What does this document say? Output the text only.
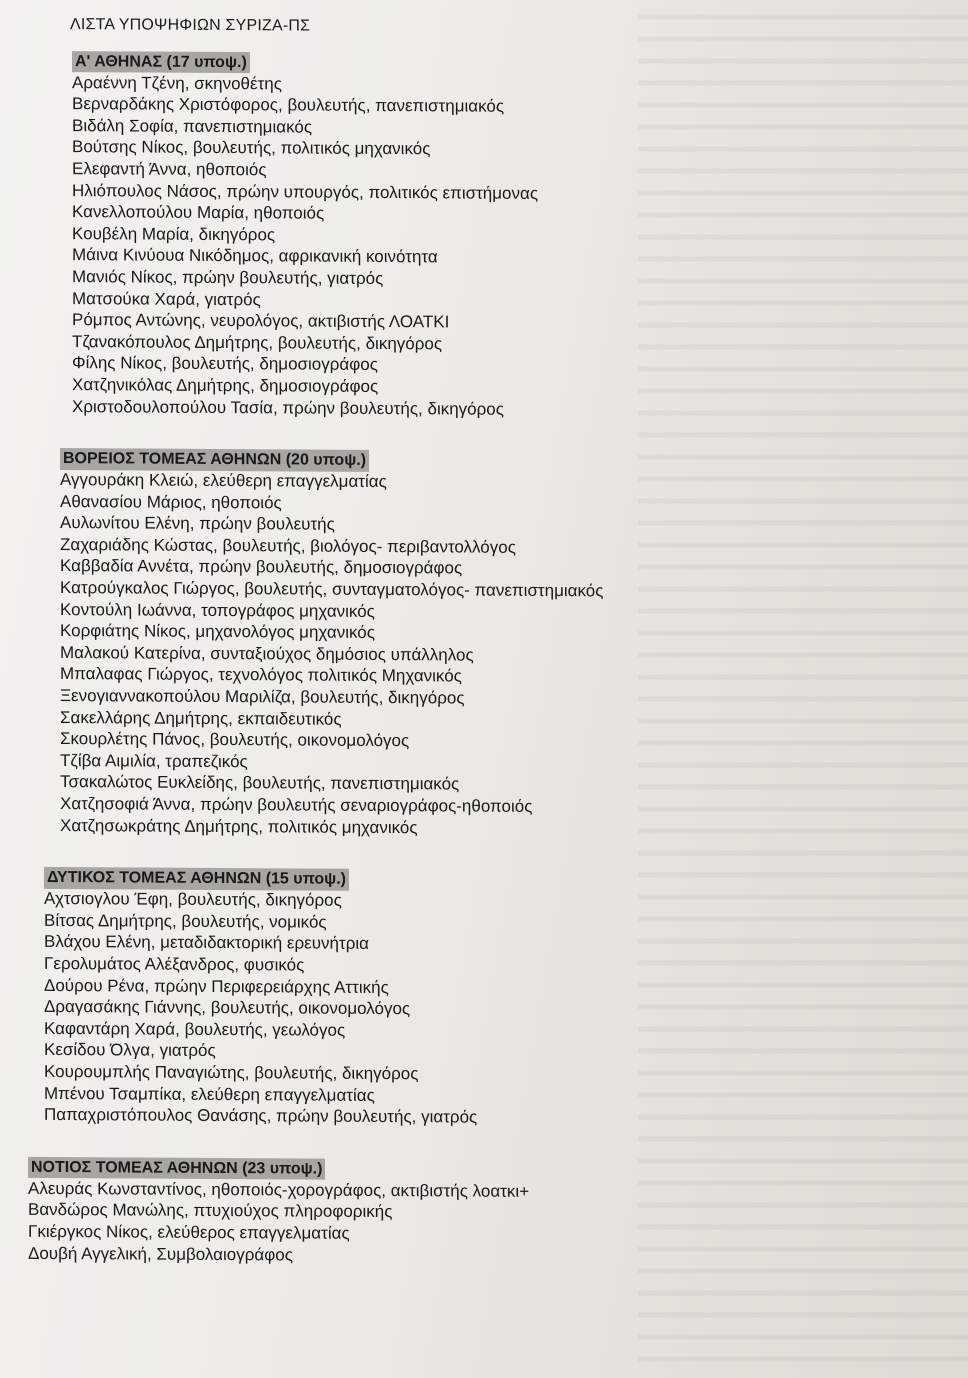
ΛΙΣΤΑ ΥΠΟΨΗΦΙΩΝ ΣΥΡΙΖΑ-ΠΣ
Α' ΑΘΗΝΑΣ (17 υποψ.)
Αραέννη Τζένη, σκηνοθέτης
Βερναρδάκης Χριστόφορος, βουλευτής, πανεπιστημιακός
Βιδάλη Σοφία, πανεπιστημιακός
Βούτσης Νίκος, βουλευτής, πολιτικός μηχανικός
Ελεφαντή Άννα, ηθοποιός
Ηλιόπουλος Νάσος, πρώην υπουργός, πολιτικός επιστήμονας
Κανελλοπούλου Μαρία, ηθοποιός
Κουβέλη Μαρία, δικηγόρος
Μάινα Κινύουα Νικόδημος, αφρικανική κοινότητα
Μανιός Νίκος, πρώην βουλευτής, γιατρός
Ματσούκα Χαρά, γιατρός
Ρόμπος Αντώνης, νευρολόγος, ακτιβιστής ΛΟΑΤΚΙ
Τζανακόπουλος Δημήτρης, βουλευτής, δικηγόρος
Φίλης Νίκος, βουλευτής, δημοσιογράφος
Χατζηνικόλας Δημήτρης, δημοσιογράφος
Χριστοδουλοπούλου Τασία, πρώην βουλευτής, δικηγόρος
ΒΟΡΕΙΟΣ ΤΟΜΕΑΣ ΑΘΗΝΩΝ (20 υποψ.)
Αγγουράκη Κλειώ, ελεύθερη επαγγελματίας
Αθανασίου Μάριος, ηθοποιός
Αυλωνίτου Ελένη, πρώην βουλευτής
Ζαχαριάδης Κώστας, βουλευτής, βιολόγος- περιβαντολλόγος
Καββαδία Αννέτα, πρώην βουλευτής, δημοσιογράφος
Κατρούγκαλος Γιώργος, βουλευτής, συνταγματολόγος- πανεπιστημιακός
Κοντούλη Ιωάννα, τοπογράφος μηχανικός
Κορφιάτης Νίκος, μηχανολόγος μηχανικός
Μαλακού Κατερίνα, συνταξιούχος δημόσιος υπάλληλος
Μπαλαφας Γιώργος, τεχνολόγος πολιτικός Μηχανικός
Ξενογιαννακοπούλου Μαριλίζα, βουλευτής, δικηγόρος
Σακελλάρης Δημήτρης, εκπαιδευτικός
Σκουρλέτης Πάνος, βουλευτής, οικονομολόγος
Τζίβα Αιμιλία, τραπεζικός
Τσακαλώτος Ευκλείδης, βουλευτής, πανεπιστημιακός
Χατζησοφιά Άννα, πρώην βουλευτής σεναριογράφος-ηθοποιός
Χατζησωκράτης Δημήτρης, πολιτικός μηχανικός
ΔΥΤΙΚΟΣ ΤΟΜΕΑΣ ΑΘΗΝΩΝ (15 υποψ.)
Αχτσιογλου Έφη, βουλευτής, δικηγόρος
Βίτσας Δημήτρης, βουλευτής, νομικός
Βλάχου Ελένη, μεταδιδακτορική ερευνήτρια
Γερολυμάτος Αλέξανδρος, φυσικός
Δούρου Ρένα, πρώην Περιφερειάρχης Αττικής
Δραγασάκης Γιάννης, βουλευτής, οικονομολόγος
Καφαντάρη Χαρά, βουλευτής, γεωλόγος
Κεσίδου Όλγα, γιατρός
Κουρουμπλής Παναγιώτης, βουλευτής, δικηγόρος
Μπένου Τσαμπίκα, ελεύθερη επαγγελματίας
Παπαχριστόπουλος Θανάσης, πρώην βουλευτής, γιατρός
ΝΟΤΙΟΣ ΤΟΜΕΑΣ ΑΘΗΝΩΝ (23 υποψ.)
Αλευράς Κωνσταντίνος, ηθοποιός-χορογράφος, ακτιβιστής λοατκι+
Βανδώρος Μανώλης, πτυχιούχος πληροφορικής
Γκιέργκος Νίκος, ελεύθερος επαγγελματίας
Δουβή Αγγελική, Συμβολαιογράφος
